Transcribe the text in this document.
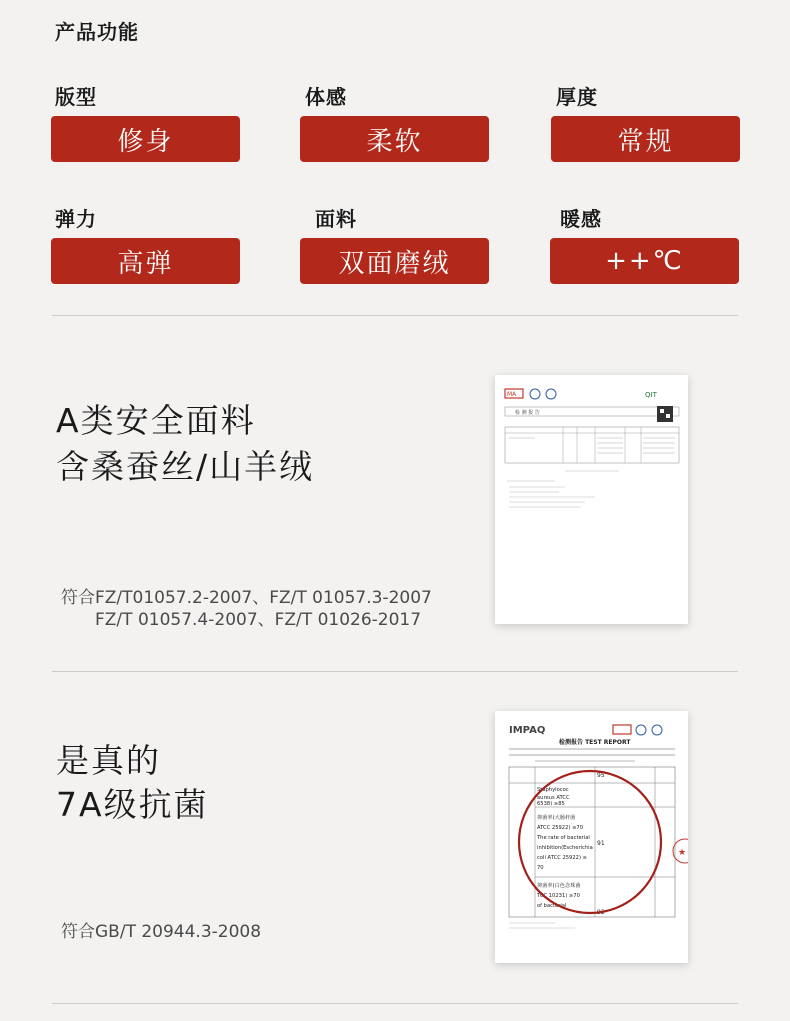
产品功能
版型
修身
体感
柔软
厚度
常规
弹力
高弹
面料
双面磨绒
暖感
++℃
A类安全面料
含桑蚕丝/山羊绒
符合FZ/T01057.2-2007、FZ/T 01057.3-2007
FZ/T 01057.4-2007、FZ/T 01026-2017
MA	QIT
检 测 报 告
是真的
7A级抗菌
符合GB/T 20944.3-2008
IMPAQ
检测报告 TEST REPORT
Staphylococ
aureus ATCC
6538) ≥85
95
抑菌率(大肠杆菌
ATCC 25922) ≥70
The rate of bacterial
inhibition(Escherichia
coli ATCC 25922) ≥
70
91
抑菌率(白色念珠菌
TCC 10231) ≥70
of bacterial
92
★
